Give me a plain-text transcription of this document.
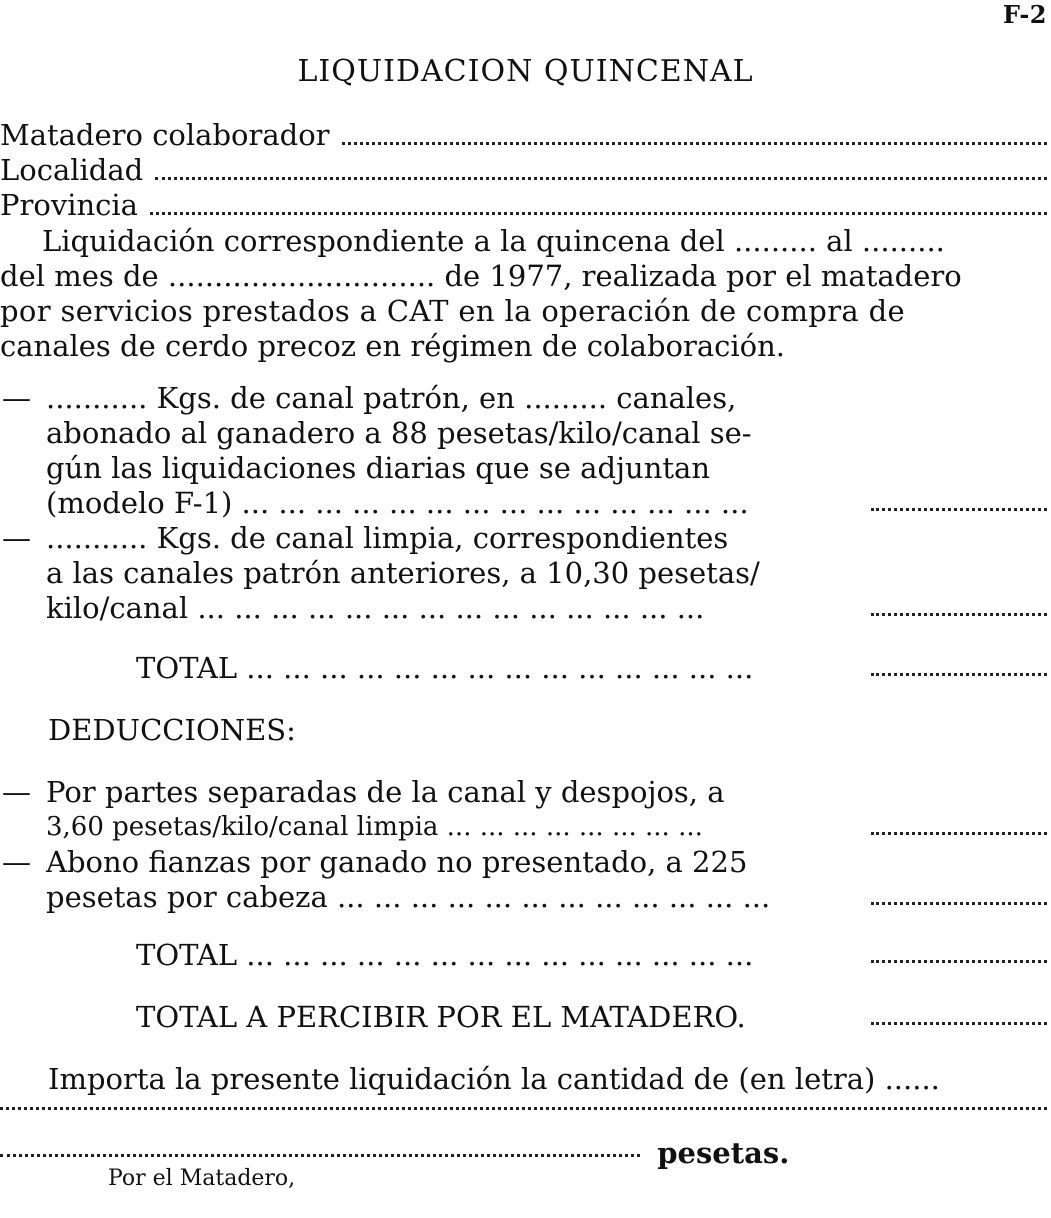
F-2
LIQUIDACION QUINCENAL
Matadero colaborador
Localidad
Provincia
Liquidación correspondiente a la quincena del ......... al .........
del mes de ............................. de 1977, realizada por el matadero
por servicios prestados a CAT en la operación de compra de
canales de cerdo precoz en régimen de colaboración.
— ........... Kgs. de canal patrón, en ......... canales,
abonado al ganadero a 88 pesetas/kilo/canal se-
gún las liquidaciones diarias que se adjuntan
(modelo F-1) ... ... ... ... ... ... ... ... ... ... ... ... ... ...
— ........... Kgs. de canal limpia, correspondientes
a las canales patrón anteriores, a 10,30 pesetas/
kilo/canal ... ... ... ... ... ... ... ... ... ... ... ... ... ...
TOTAL ... ... ... ... ... ... ... ... ... ... ... ... ... ...
DEDUCCIONES:
— Por partes separadas de la canal y despojos, a
3,60 pesetas/kilo/canal limpia ... ... ... ... ... ... ... ...
— Abono fianzas por ganado no presentado, a 225
pesetas por cabeza ... ... ... ... ... ... ... ... ... ... ... ...
TOTAL ... ... ... ... ... ... ... ... ... ... ... ... ... ...
TOTAL A PERCIBIR POR EL MATADERO.
Importa la presente liquidación la cantidad de (en letra) ......
pesetas.
Por el Matadero,
